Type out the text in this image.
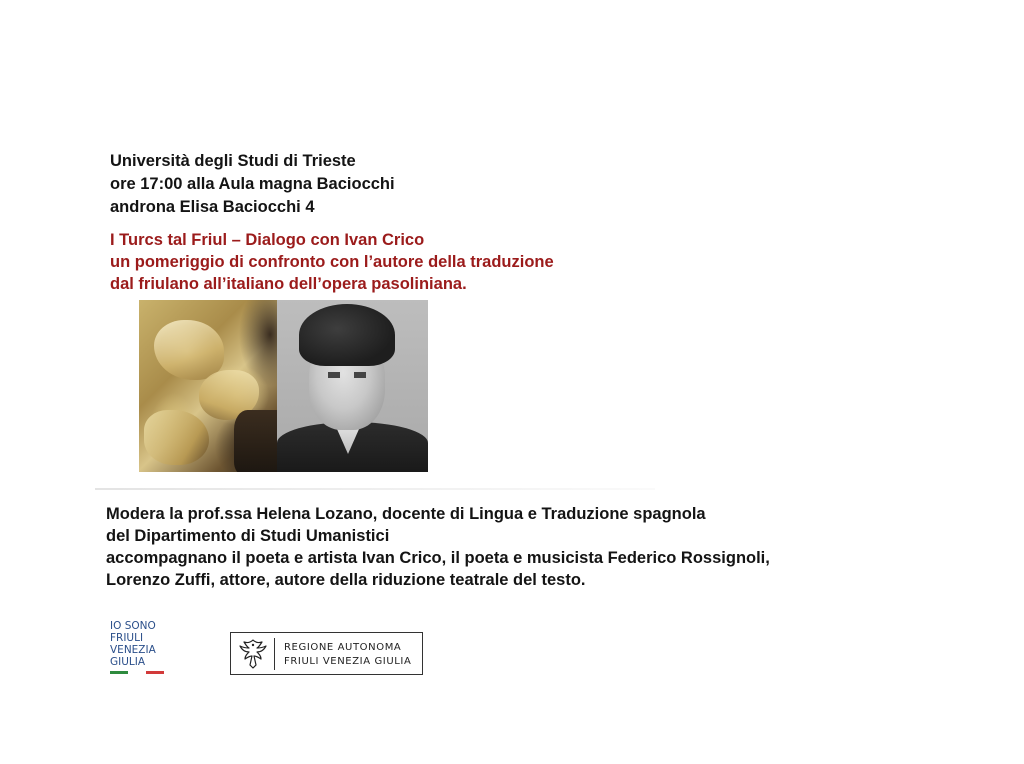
Università degli Studi di Trieste
ore 17:00 alla Aula magna Baciocchi
androna Elisa Baciocchi 4
I Turcs tal Friul – Dialogo con Ivan Crico
un pomeriggio di confronto con l’autore della traduzione
dal friulano all’italiano dell’opera pasoliniana.
Modera la prof.ssa Helena Lozano, docente di Lingua e Traduzione spagnola
del Dipartimento di Studi Umanistici
accompagnano il poeta e artista Ivan Crico, il poeta e musicista Federico Rossignoli,
Lorenzo Zuffi, attore, autore della riduzione teatrale del testo.
IO SONO
FRIULI
VENEZIA
GIULIA
REGIONE AUTONOMA
FRIULI VENEZIA GIULIA
